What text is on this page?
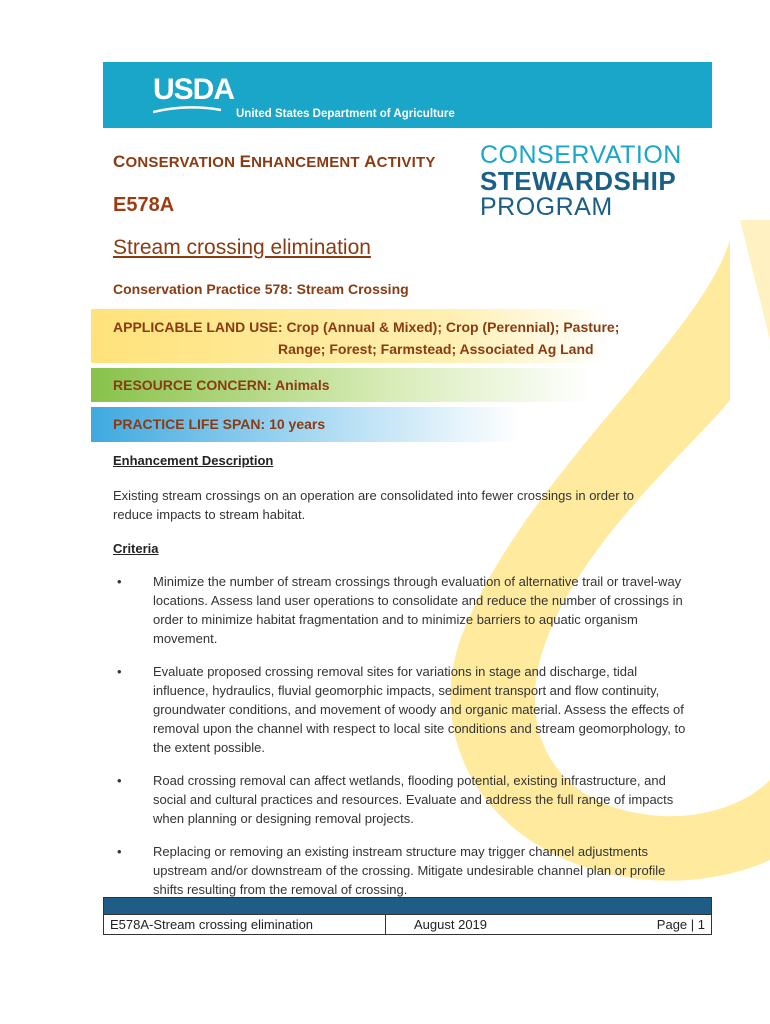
USDA
United States Department of Agriculture
CONSERVATION ENHANCEMENT ACTIVITY
E578A
Stream crossing elimination
Conservation Practice 578: Stream Crossing
CONSERVATION
STEWARDSHIP
PROGRAM
APPLICABLE LAND USE: Crop (Annual & Mixed); Crop (Perennial); Pasture;
Range; Forest; Farmstead; Associated Ag Land
RESOURCE CONCERN: Animals
PRACTICE LIFE SPAN: 10 years
Enhancement Description
Existing stream crossings on an operation are consolidated into fewer crossings in order to reduce impacts to stream habitat.
Criteria
• Minimize the number of stream crossings through evaluation of alternative trail or travel-way locations. Assess land user operations to consolidate and reduce the number of crossings in order to minimize habitat fragmentation and to minimize barriers to aquatic organism movement.
• Evaluate proposed crossing removal sites for variations in stage and discharge, tidal influence, hydraulics, fluvial geomorphic impacts, sediment transport and flow continuity, groundwater conditions, and movement of woody and organic material. Assess the effects of removal upon the channel with respect to local site conditions and stream geomorphology, to the extent possible.
• Road crossing removal can affect wetlands, flooding potential, existing infrastructure, and social and cultural practices and resources. Evaluate and address the full range of impacts when planning or designing removal projects.
• Replacing or removing an existing instream structure may trigger channel adjustments upstream and/or downstream of the crossing. Mitigate undesirable channel plan or profile shifts resulting from the removal of crossing.
E578A-Stream crossing elimination	August 2019	Page | 1
